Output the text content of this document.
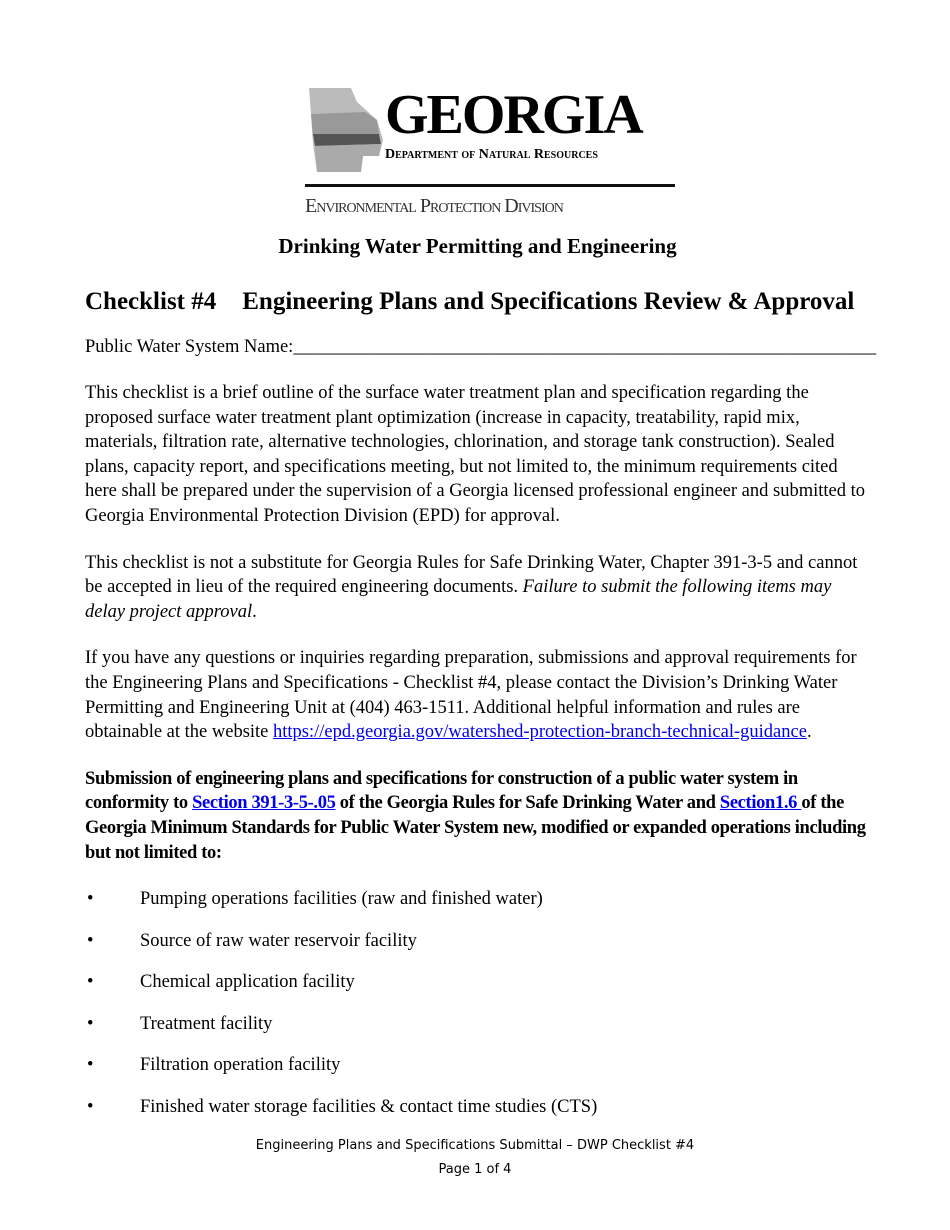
GEORGIA
Department of Natural Resources
Environmental Protection Division
Drinking Water Permitting and Engineering
Checklist #4 Engineering Plans and Specifications Review & Approval
Public Water System Name:_______________________________________________________________

This checklist is a brief outline of the surface water treatment plan and specification regarding the proposed surface water treatment plant optimization (increase in capacity, treatability, rapid mix, materials, filtration rate, alternative technologies, chlorination, and storage tank construction). Sealed plans, capacity report, and specifications meeting, but not limited to, the minimum requirements cited here shall be prepared under the supervision of a Georgia licensed professional engineer and submitted to Georgia Environmental Protection Division (EPD) for approval.

This checklist is not a substitute for Georgia Rules for Safe Drinking Water, Chapter 391-3-5 and cannot be accepted in lieu of the required engineering documents. Failure to submit the following items may delay project approval.

If you have any questions or inquiries regarding preparation, submissions and approval requirements for the Engineering Plans and Specifications - Checklist #4, please contact the Division’s Drinking Water Permitting and Engineering Unit at (404) 463-1511. Additional helpful information and rules are obtainable at the website https://epd.georgia.gov/watershed-protection-branch-technical-guidance.

Submission of engineering plans and specifications for construction of a public water system in conformity to Section 391-3-5-.05 of the Georgia Rules for Safe Drinking Water and Section1.6 of the Georgia Minimum Standards for Public Water System new, modified or expanded operations including but not limited to:

•	Pumping operations facilities (raw and finished water)
•	Source of raw water reservoir facility
•	Chemical application facility
•	Treatment facility
•	Filtration operation facility
•	Finished water storage facilities & contact time studies (CTS)
Engineering Plans and Specifications Submittal – DWP Checklist #4
Page 1 of 4
